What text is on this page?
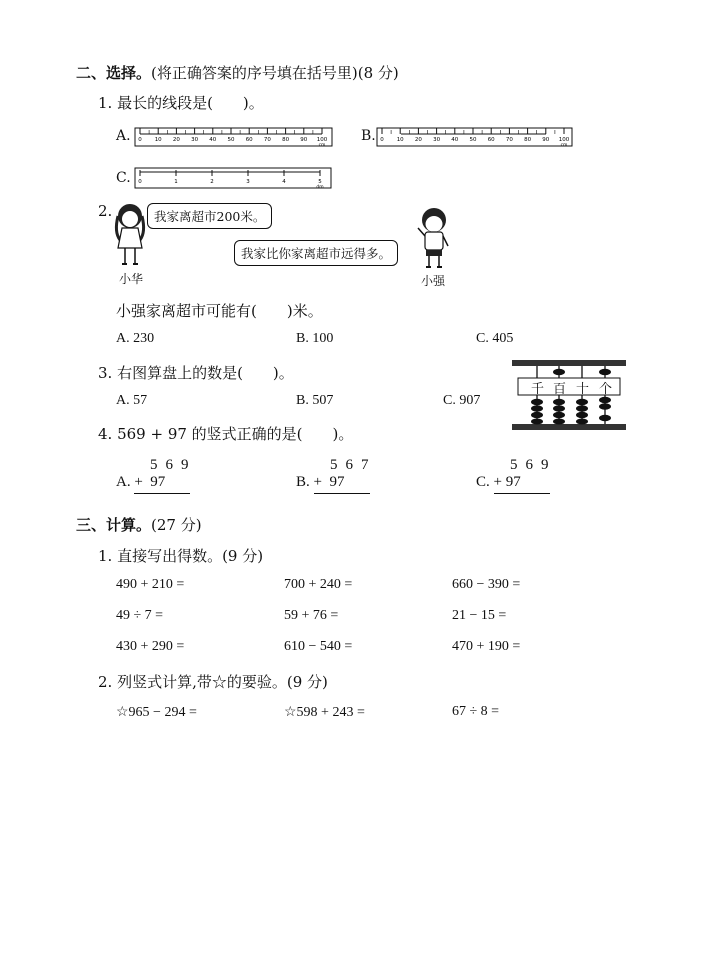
二、选择。(将正确答案的序号填在括号里)(8 分)
1. 最长的线段是(　　)。
A. 0 10 20 30 40 50 60 70 80 90 100
cm
B. 0 10 20 30 40 50 60 70 80 90 100
cm
C. 0	1	2	3	4	5
dm
2.
小华
我家离超市200米。
我家比你家离超市远得多。
小强
小强家离超市可能有(　　)米。
A. 230	B. 100	C. 405
3. 右图算盘上的数是(　　)。
A. 57	B. 507	C. 907
千 百 十 个
4. 569 + 97 的竖式正确的是(　　)。
569
A. +  97
567
B. +  97
569
C. + 97
三、计算。(27 分)
1. 直接写出得数。(9 分)
490 + 210 =	700 + 240 =	660 − 390 =
49 ÷ 7 =	59 + 76 =	21 − 15 =
430 + 290 =	610 − 540 =	470 + 190 =
2. 列竖式计算,带☆的要验。(9 分)
☆965 − 294 =	☆598 + 243 =	67 ÷ 8 =
